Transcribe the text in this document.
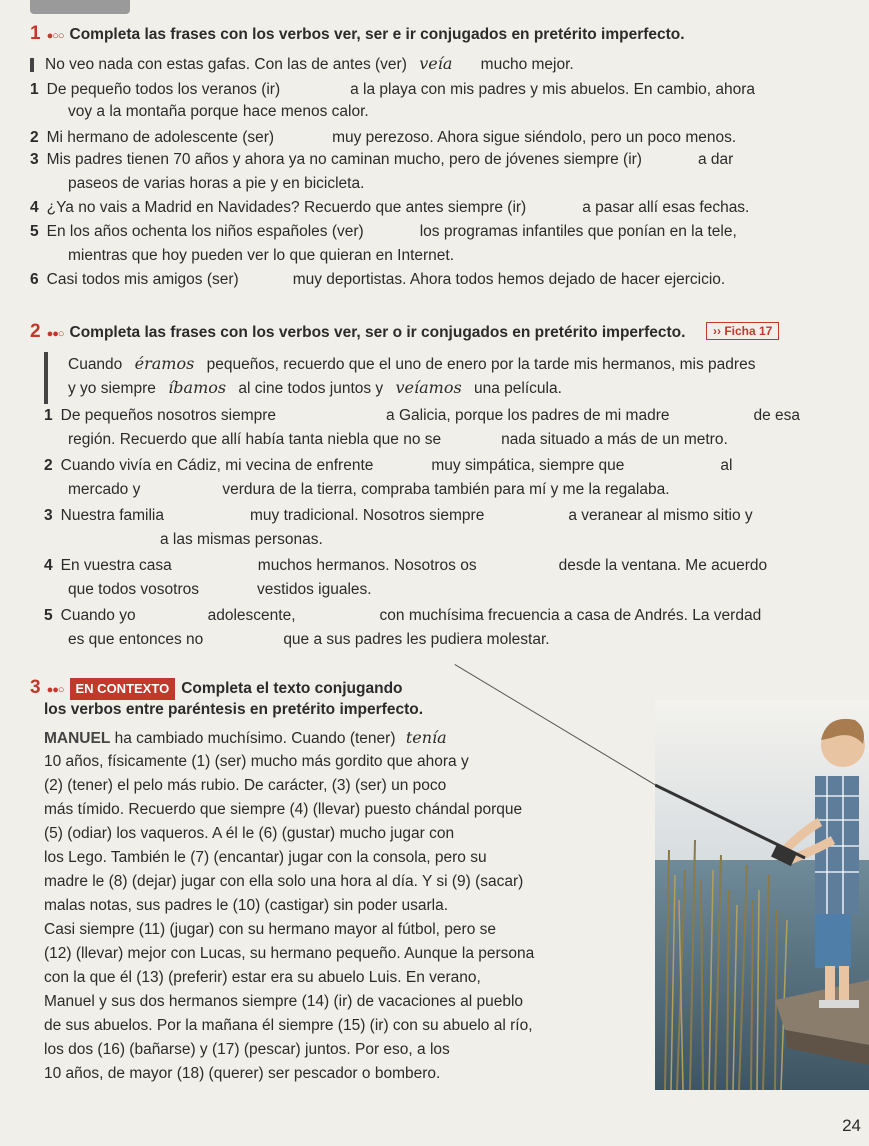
1 ●○○ Completa las frases con los verbos ver, ser e ir conjugados en pretérito imperfecto.
No veo nada con estas gafas. Con las de antes (ver) veía mucho mejor.
1 De pequeño todos los veranos (ir)	a la playa con mis padres y mis abuelos. En cambio, ahora
voy a la montaña porque hace menos calor.
2 Mi hermano de adolescente (ser)	muy perezoso. Ahora sigue siéndolo, pero un poco menos.
3 Mis padres tienen 70 años y ahora ya no caminan mucho, pero de jóvenes siempre (ir)	a dar
paseos de varias horas a pie y en bicicleta.
4 ¿Ya no vais a Madrid en Navidades? Recuerdo que antes siempre (ir)	a pasar allí esas fechas.
5 En los años ochenta los niños españoles (ver)	los programas infantiles que ponían en la tele,
mientras que hoy pueden ver lo que quieran en Internet.
6 Casi todos mis amigos (ser)	muy deportistas. Ahora todos hemos dejado de hacer ejercicio.
2 ●●○ Completa las frases con los verbos ver, ser o ir conjugados en pretérito imperfecto.	›› Ficha 17
Cuando éramos pequeños, recuerdo que el uno de enero por la tarde mis hermanos, mis padres
y yo siempre íbamos al cine todos juntos y veíamos una película.
1 De pequeños nosotros siempre	a Galicia, porque los padres de mi madre	de esa
región. Recuerdo que allí había tanta niebla que no se	nada situado a más de un metro.
2 Cuando vivía en Cádiz, mi vecina de enfrente	muy simpática, siempre que	al
mercado y	verdura de la tierra, compraba también para mí y me la regalaba.
3 Nuestra familia	muy tradicional. Nosotros siempre	a veranear al mismo sitio y
a las mismas personas.
4 En vuestra casa	muchos hermanos. Nosotros os	desde la ventana. Me acuerdo
que todos vosotros	vestidos iguales.
5 Cuando yo	adolescente,	con muchísima frecuencia a casa de Andrés. La verdad
es que entonces no	que a sus padres les pudiera molestar.
3 ●●○ EN CONTEXTO Completa el texto conjugando
los verbos entre paréntesis en pretérito imperfecto.
MANUEL ha cambiado muchísimo. Cuando (tener) tenía
10 años, físicamente (1) (ser) mucho más gordito que ahora y
(2) (tener) el pelo más rubio. De carácter, (3) (ser) un poco
más tímido. Recuerdo que siempre (4) (llevar) puesto chándal porque
(5) (odiar) los vaqueros. A él le (6) (gustar) mucho jugar con
los Lego. También le (7) (encantar) jugar con la consola, pero su
madre le (8) (dejar) jugar con ella solo una hora al día. Y si (9) (sacar)
malas notas, sus padres le (10) (castigar) sin poder usarla.
Casi siempre (11) (jugar) con su hermano mayor al fútbol, pero se
(12) (llevar) mejor con Lucas, su hermano pequeño. Aunque la persona
con la que él (13) (preferir) estar era su abuelo Luis. En verano,
Manuel y sus dos hermanos siempre (14) (ir) de vacaciones al pueblo
de sus abuelos. Por la mañana él siempre (15) (ir) con su abuelo al río,
los dos (16) (bañarse) y (17) (pescar) juntos. Por eso, a los
10 años, de mayor (18) (querer) ser pescador o bombero.
24
